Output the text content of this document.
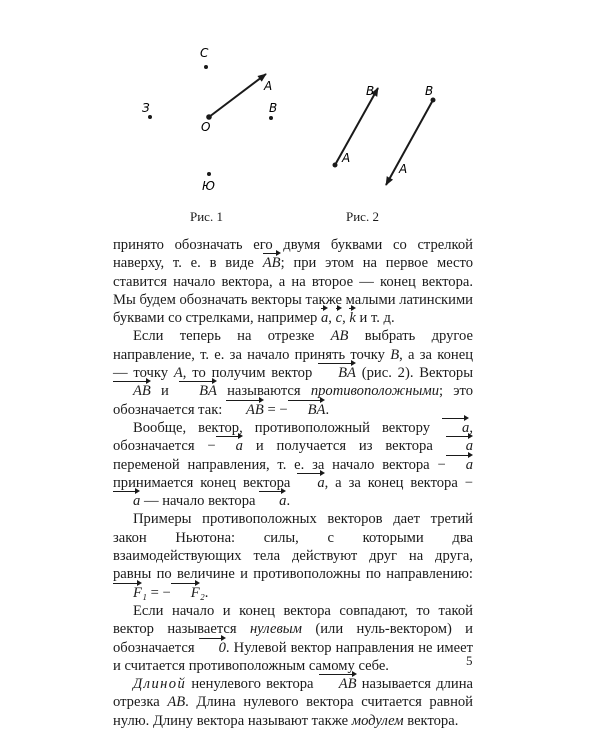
С
З
О
В
Ю
А	В
А
В
А
Рис. 1	Рис. 2

принято обозначать его двумя буквами со стрелкой наверху, т. е. в виде AB; при этом на первое место ставится начало вектора, а на второе — конец вектора. Мы будем обозначать векторы также малыми латинскими буквами со стрелками, например a, c, k и т. д.

Если теперь на отрезке AB выбрать другое направление, т. е. за начало принять точку B, а за конец — точку A, то получим вектор BA (рис. 2). Векторы AB и BA называются противоположными; это обозначается так: AB = − BA.

Вообще, вектор, противоположный вектору a, обозначается − a и получается из вектора a переменой направления, т. е. за начало вектора − a принимается конец вектора a, а за конец вектора −a — начало вектора a.

Примеры противоположных векторов дает третий закон Ньютона: силы, с которыми два взаимодействующих тела действуют друг на друга, равны по величине и противоположны по направлению: F₁ = − F₂.

Если начало и конец вектора совпадают, то такой вектор называется нулевым (или нуль-вектором) и обозначается 0. Нулевой вектор направления не имеет и считается противоположным самому себе.

Длиной ненулевого вектора AB называется длина отрезка AB. Длина нулевого вектора считается равной нулю. Длину вектора называют также модулем вектора.

5
